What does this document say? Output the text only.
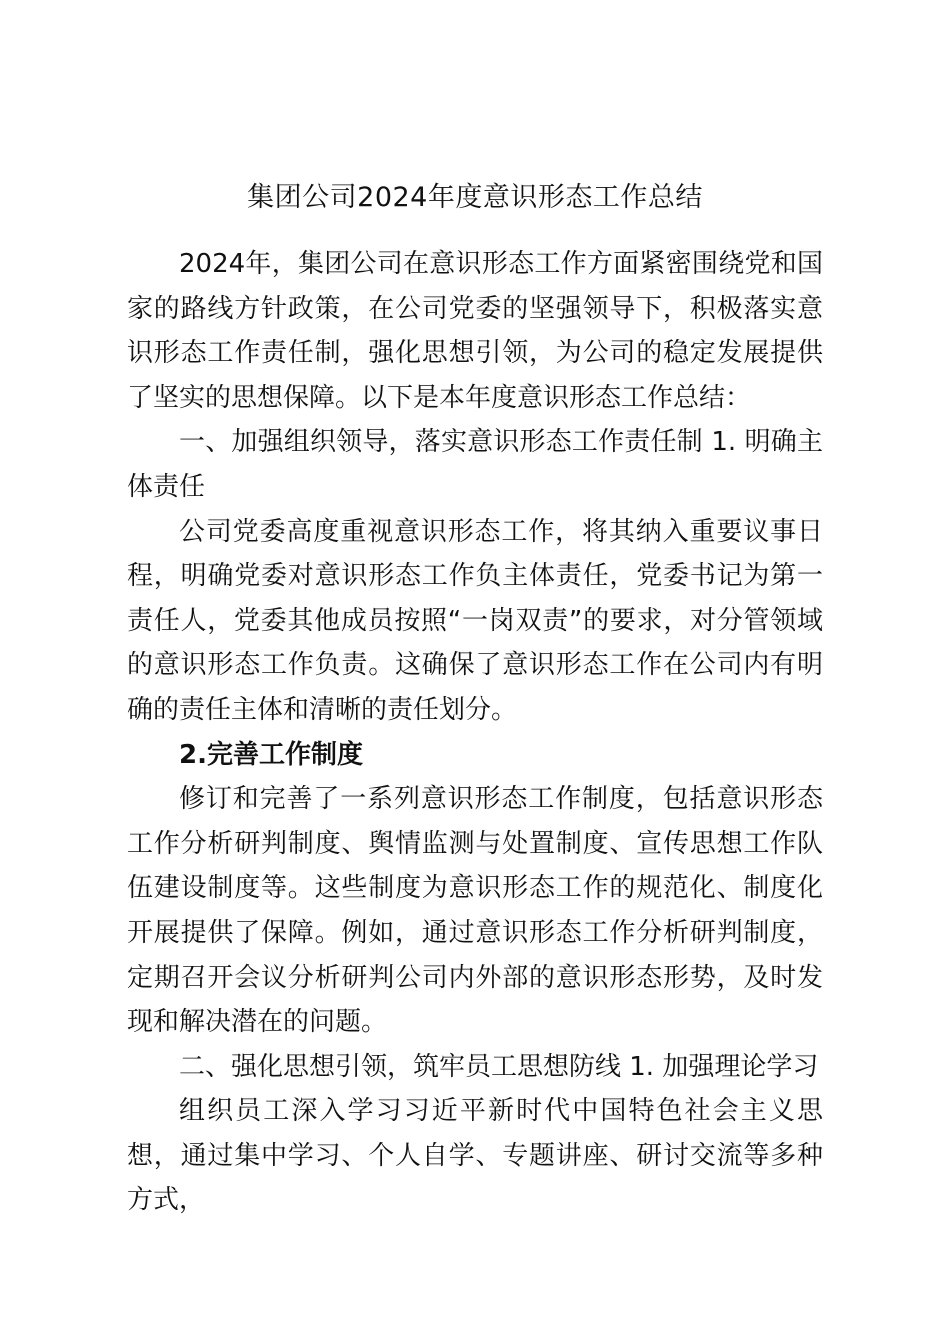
集团公司2024年度意识形态工作总结

2024年，集团公司在意识形态工作方面紧密围绕党和国家的路线方针政策，在公司党委的坚强领导下，积极落实意识形态工作责任制，强化思想引领，为公司的稳定发展提供了坚实的思想保障。以下是本年度意识形态工作总结：

一、加强组织领导，落实意识形态工作责任制 1. 明确主体责任

公司党委高度重视意识形态工作，将其纳入重要议事日程，明确党委对意识形态工作负主体责任，党委书记为第一责任人，党委其他成员按照“一岗双责”的要求，对分管领域的意识形态工作负责。这确保了意识形态工作在公司内有明确的责任主体和清晰的责任划分。

2.完善工作制度

修订和完善了一系列意识形态工作制度，包括意识形态工作分析研判制度、舆情监测与处置制度、宣传思想工作队伍建设制度等。这些制度为意识形态工作的规范化、制度化开展提供了保障。例如，通过意识形态工作分析研判制度，定期召开会议分析研判公司内外部的意识形态形势，及时发现和解决潜在的问题。

二、强化思想引领，筑牢员工思想防线 1. 加强理论学习

组织员工深入学习习近平新时代中国特色社会主义思想，通过集中学习、个人自学、专题讲座、研讨交流等多种方式，
